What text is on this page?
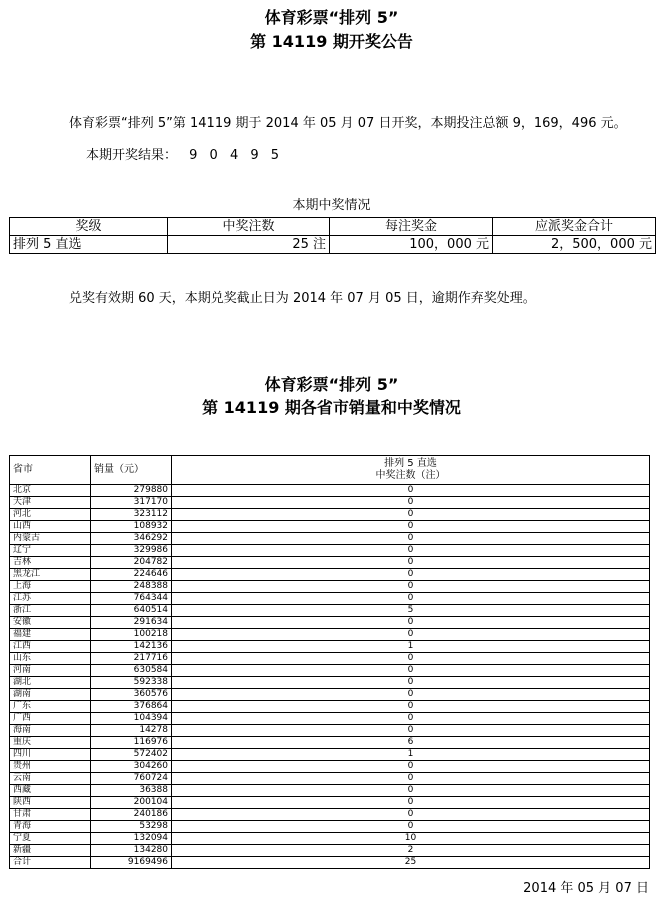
体育彩票“排列 5”
第 14119 期开奖公告
体育彩票“排列 5”第 14119 期于 2014 年 05 月 07 日开奖，本期投注总额 9，169，496 元。
本期开奖结果： 9 0 4 9 5
本期中奖情况
奖级	中奖注数	每注奖金	应派奖金合计
排列 5 直选	25 注	100，000 元	2，500，000 元
兑奖有效期 60 天，本期兑奖截止日为 2014 年 07 月 05 日，逾期作弃奖处理。
体育彩票“排列 5”
第 14119 期各省市销量和中奖情况
省市	销量（元）	排列 5 直选
中奖注数（注）

北京	279880	0
天津	317170	0
河北	323112	0
山西	108932	0
内蒙古	346292	0
辽宁	329986	0
吉林	204782	0
黑龙江	224646	0
上海	248388	0
江苏	764344	0
浙江	640514	5
安徽	291634	0
福建	100218	0
江西	142136	1
山东	217716	0
河南	630584	0
湖北	592338	0
湖南	360576	0
广东	376864	0
广西	104394	0
海南	14278	0
重庆	116976	6
四川	572402	1
贵州	304260	0
云南	760724	0
西藏	36388	0
陕西	200104	0
甘肃	240186	0
青海	53298	0
宁夏	132094	10
新疆	134280	2
合计	9169496	25
2014 年 05 月 07 日
